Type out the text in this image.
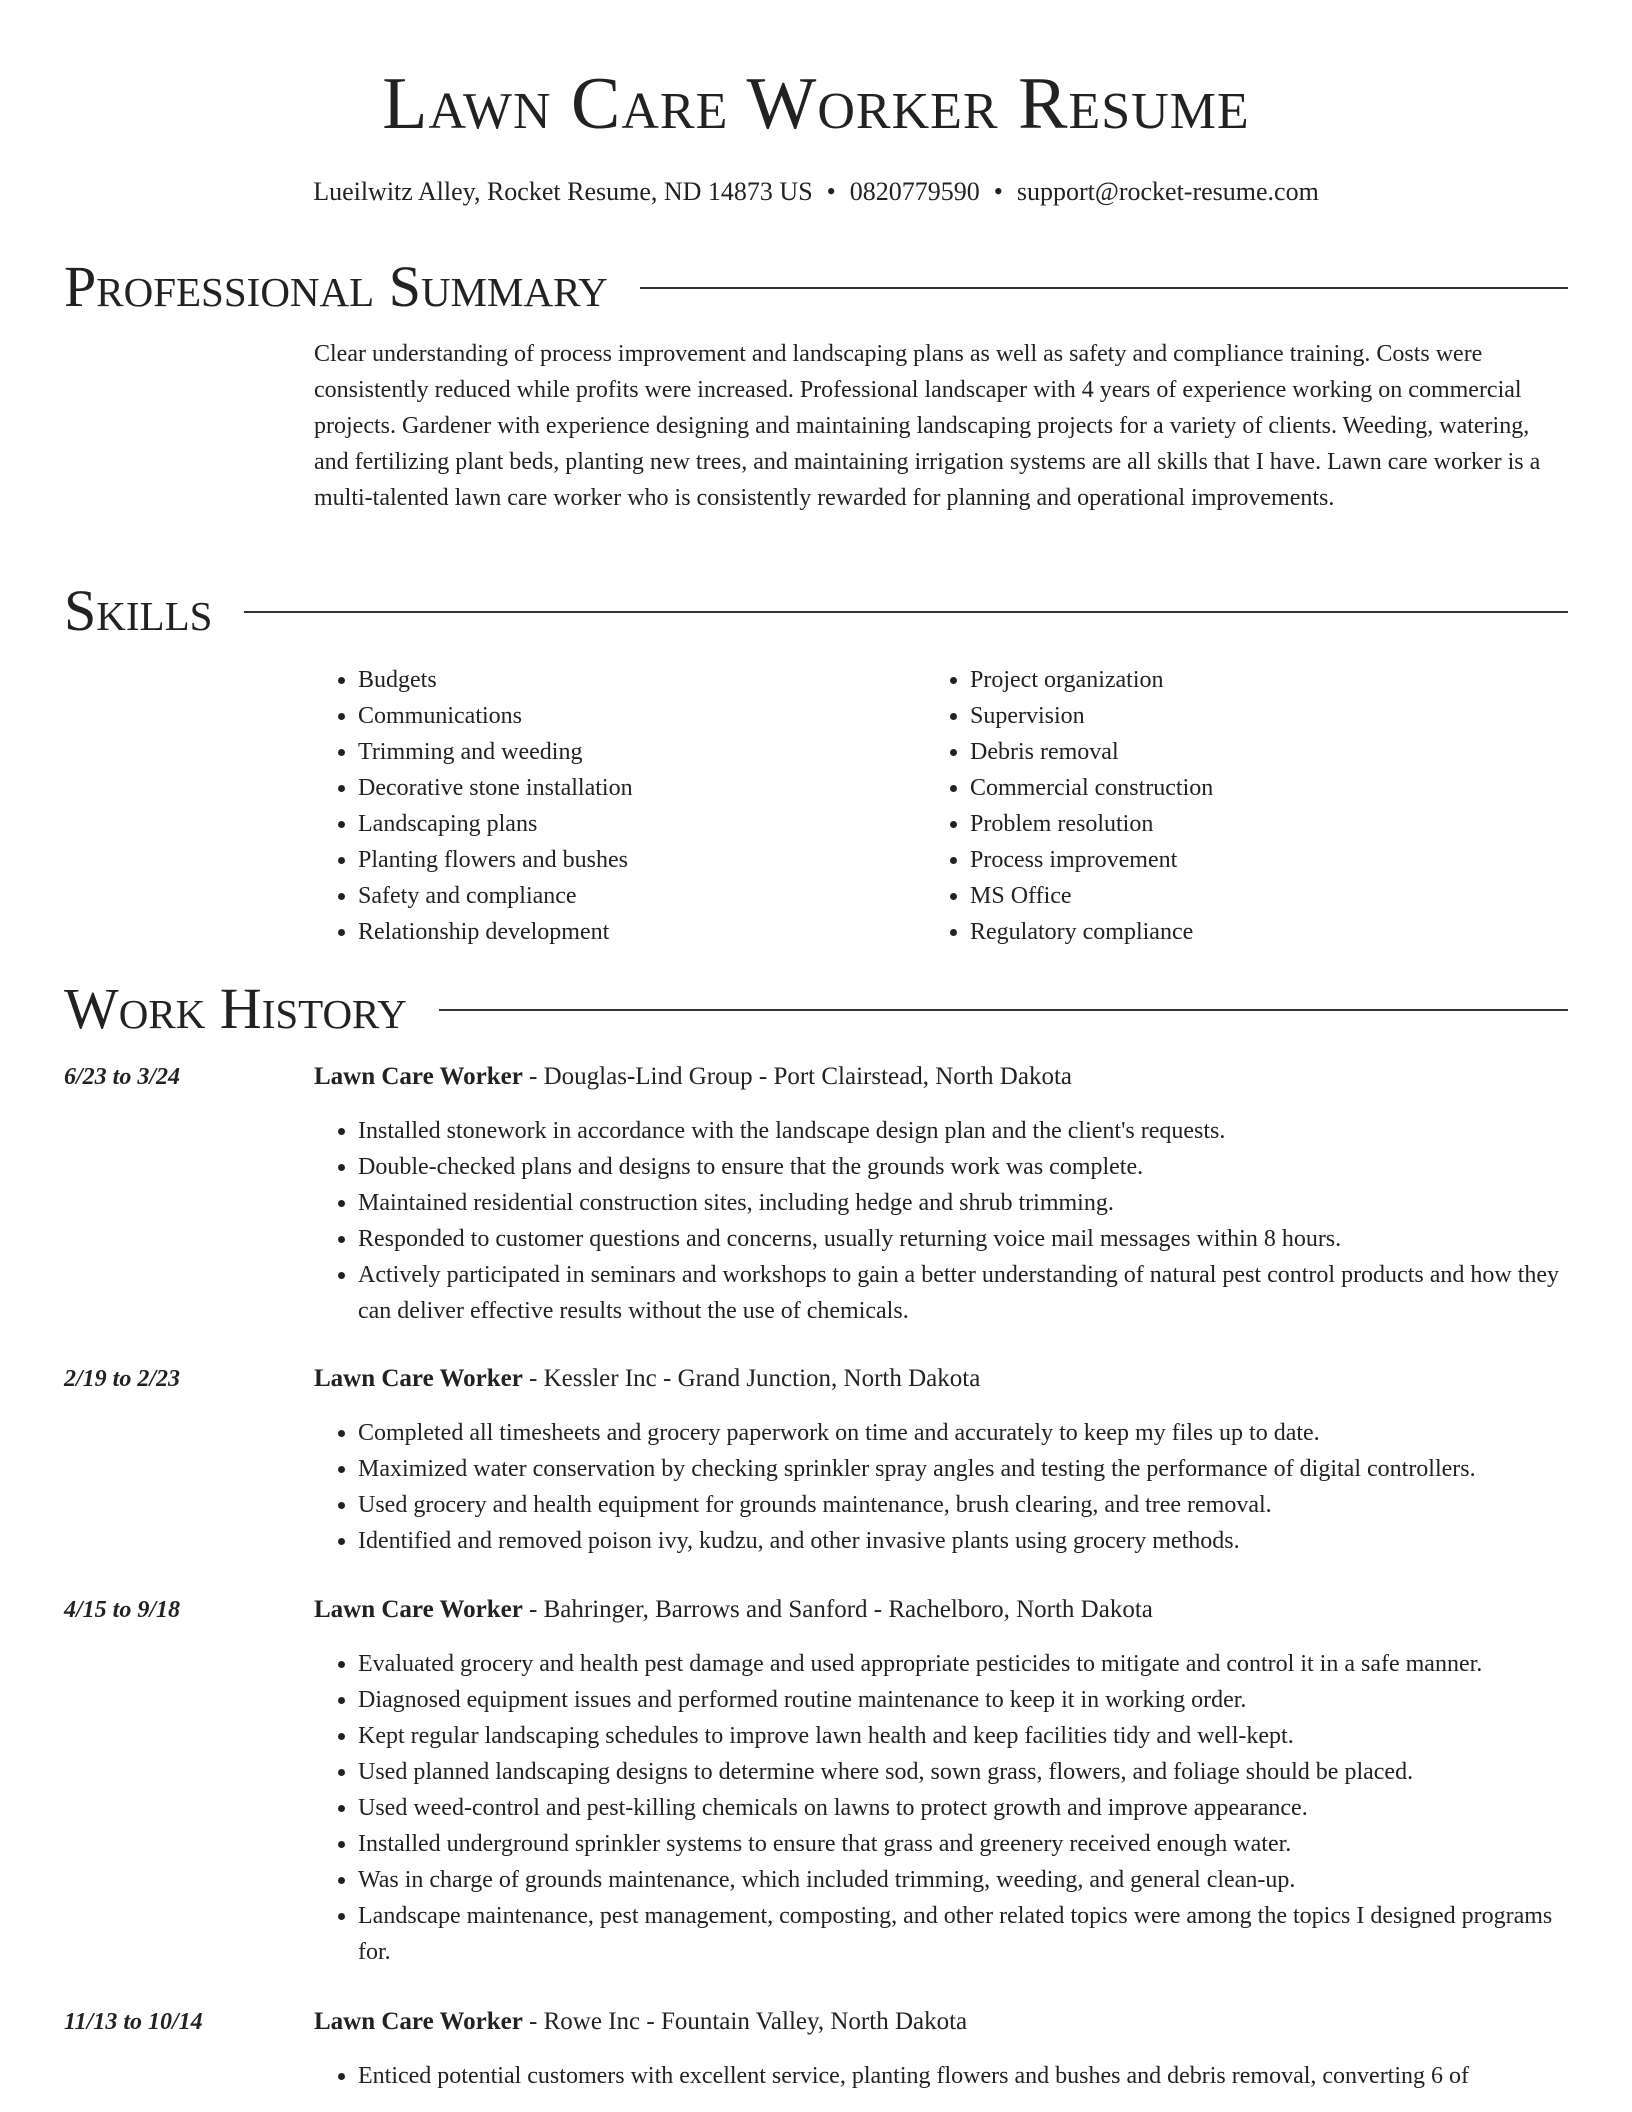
Lawn Care Worker Resume
Lueilwitz Alley, Rocket Resume, ND 14873 US • 0820779590 • support@rocket-resume.com
Professional Summary

Clear understanding of process improvement and landscaping plans as well as safety and compliance training. Costs were consistently reduced while profits were increased. Professional landscaper with 4 years of experience working on commercial projects. Gardener with experience designing and maintaining landscaping projects for a variety of clients. Weeding, watering, and fertilizing plant beds, planting new trees, and maintaining irrigation systems are all skills that I have. Lawn care worker is a multi-talented lawn care worker who is consistently rewarded for planning and operational improvements.

Skills
• Budgets
• Communications
• Trimming and weeding
• Decorative stone installation
• Landscaping plans
• Planting flowers and bushes
• Safety and compliance
• Relationship development
• Project organization
• Supervision
• Debris removal
• Commercial construction
• Problem resolution
• Process improvement
• MS Office
• Regulatory compliance
Work History
6/23 to 3/24	Lawn Care Worker - Douglas-Lind Group - Port Clairstead, North Dakota
• Installed stonework in accordance with the landscape design plan and the client's requests.
• Double-checked plans and designs to ensure that the grounds work was complete.
• Maintained residential construction sites, including hedge and shrub trimming.
• Responded to customer questions and concerns, usually returning voice mail messages within 8 hours.
• Actively participated in seminars and workshops to gain a better understanding of natural pest control products and how they can deliver effective results without the use of chemicals.
2/19 to 2/23	Lawn Care Worker - Kessler Inc - Grand Junction, North Dakota
• Completed all timesheets and grocery paperwork on time and accurately to keep my files up to date.
• Maximized water conservation by checking sprinkler spray angles and testing the performance of digital controllers.
• Used grocery and health equipment for grounds maintenance, brush clearing, and tree removal.
• Identified and removed poison ivy, kudzu, and other invasive plants using grocery methods.
4/15 to 9/18	Lawn Care Worker - Bahringer, Barrows and Sanford - Rachelboro, North Dakota
• Evaluated grocery and health pest damage and used appropriate pesticides to mitigate and control it in a safe manner.
• Diagnosed equipment issues and performed routine maintenance to keep it in working order.
• Kept regular landscaping schedules to improve lawn health and keep facilities tidy and well-kept.
• Used planned landscaping designs to determine where sod, sown grass, flowers, and foliage should be placed.
• Used weed-control and pest-killing chemicals on lawns to protect growth and improve appearance.
• Installed underground sprinkler systems to ensure that grass and greenery received enough water.
• Was in charge of grounds maintenance, which included trimming, weeding, and general clean-up.
• Landscape maintenance, pest management, composting, and other related topics were among the topics I designed programs for.
11/13 to 10/14	Lawn Care Worker - Rowe Inc - Fountain Valley, North Dakota
• Enticed potential customers with excellent service, planting flowers and bushes and debris removal, converting 6 of
